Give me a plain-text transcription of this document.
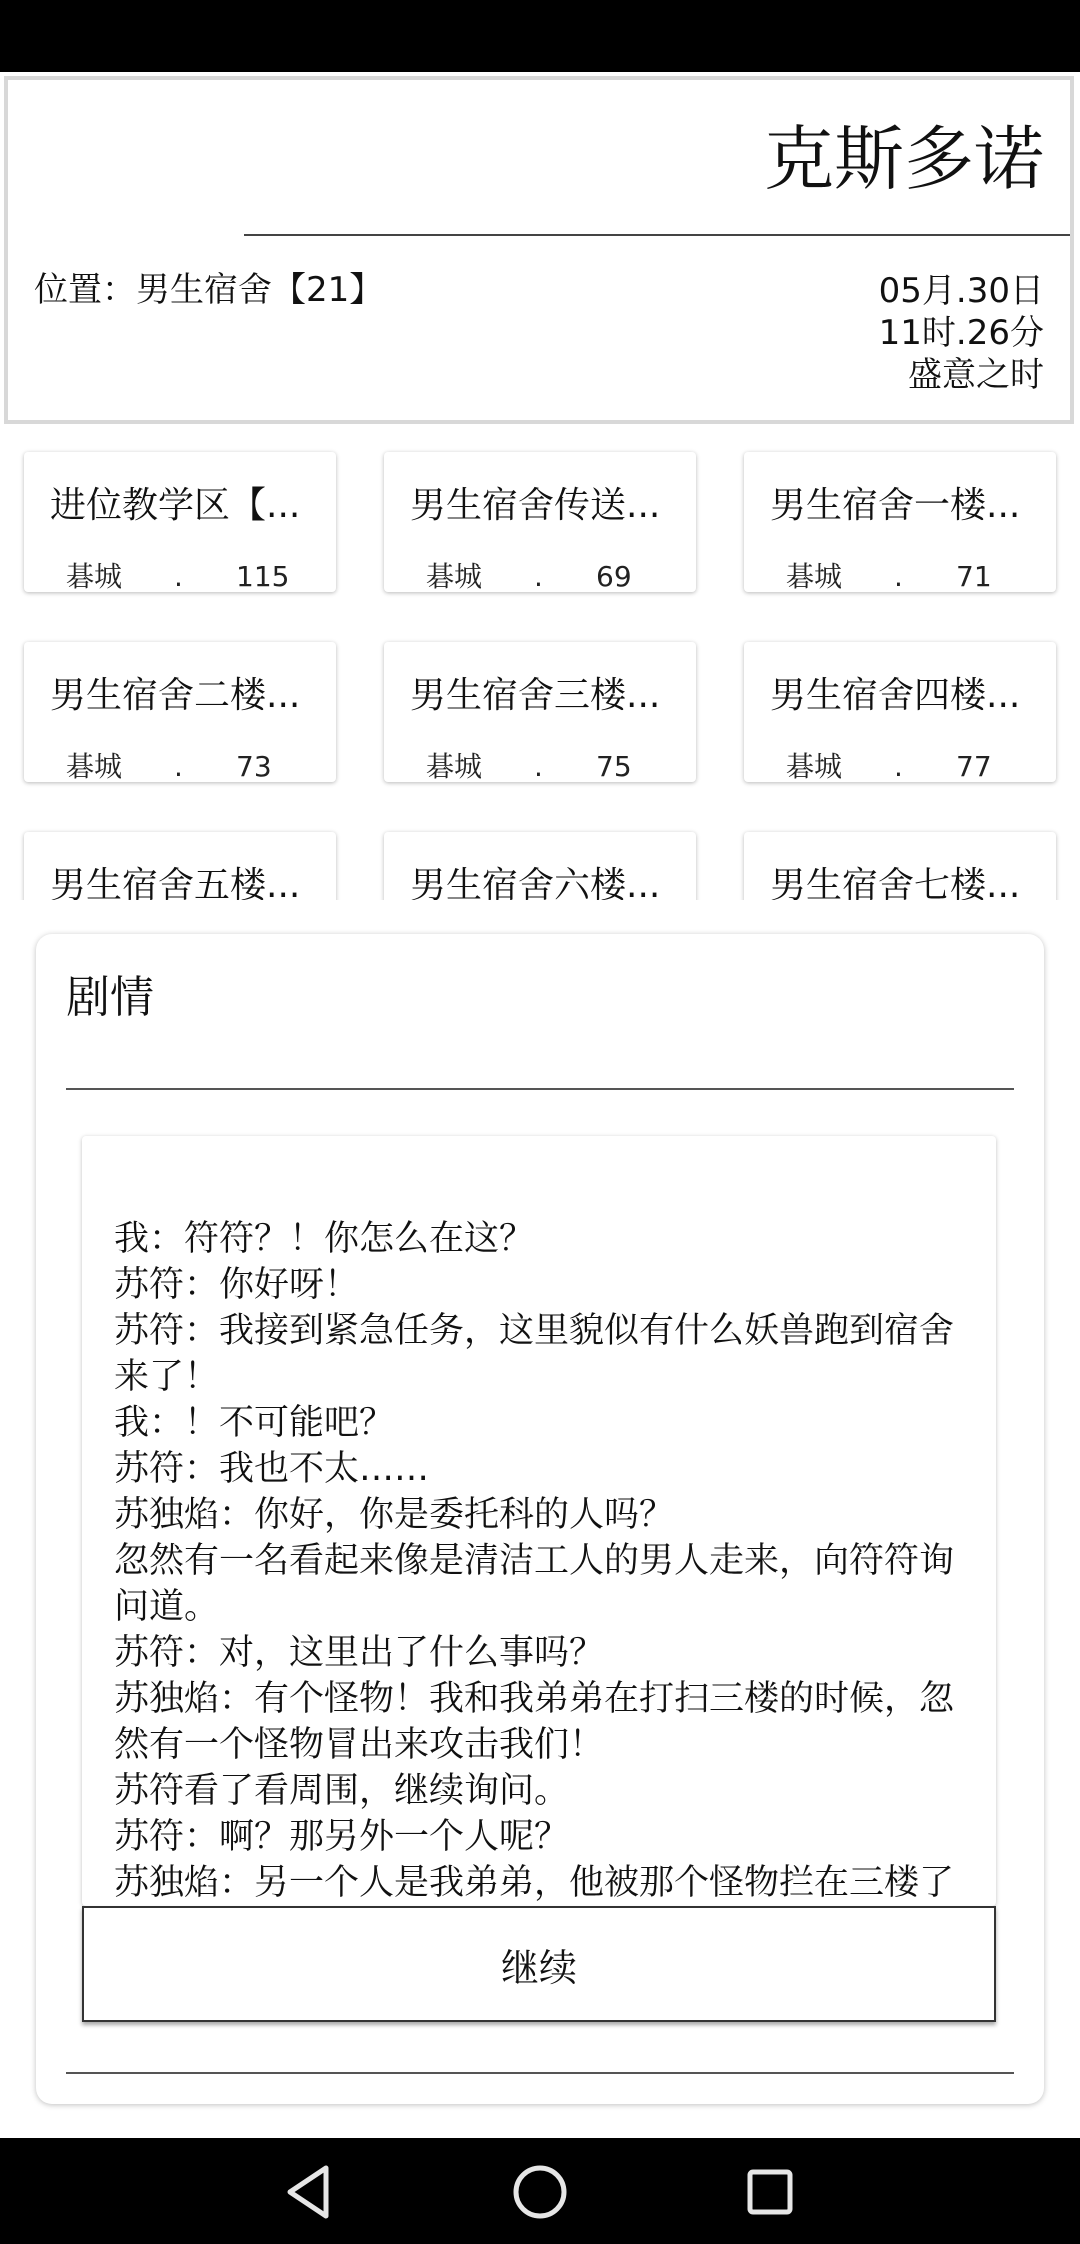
克斯多诺
位置：男生宿舍【21】	05月.30日
11时.26分
盛意之时
进位教学区【...
碁城 . 115
男生宿舍传送...
碁城 . 69
男生宿舍一楼...
碁城 . 71
男生宿舍二楼...
碁城 . 73
男生宿舍三楼...
碁城 . 75
男生宿舍四楼...
碁城 . 77
男生宿舍五楼...	男生宿舍六楼...	男生宿舍七楼...
剧情
我：符符？！你怎么在这？
苏符：你好呀！
苏符：我接到紧急任务，这里貌似有什么妖兽跑到宿舍来了！
我：！不可能吧？
苏符：我也不太……
苏独焰：你好，你是委托科的人吗？
忽然有一名看起来像是清洁工人的男人走来，向符符询问道。
苏符：对，这里出了什么事吗？
苏独焰：有个怪物！我和我弟弟在打扫三楼的时候，忽然有一个怪物冒出来攻击我们！
苏符看了看周围，继续询问。
苏符：啊？那另外一个人呢？
苏独焰：另一个人是我弟弟，他被那个怪物拦在三楼了
继续
